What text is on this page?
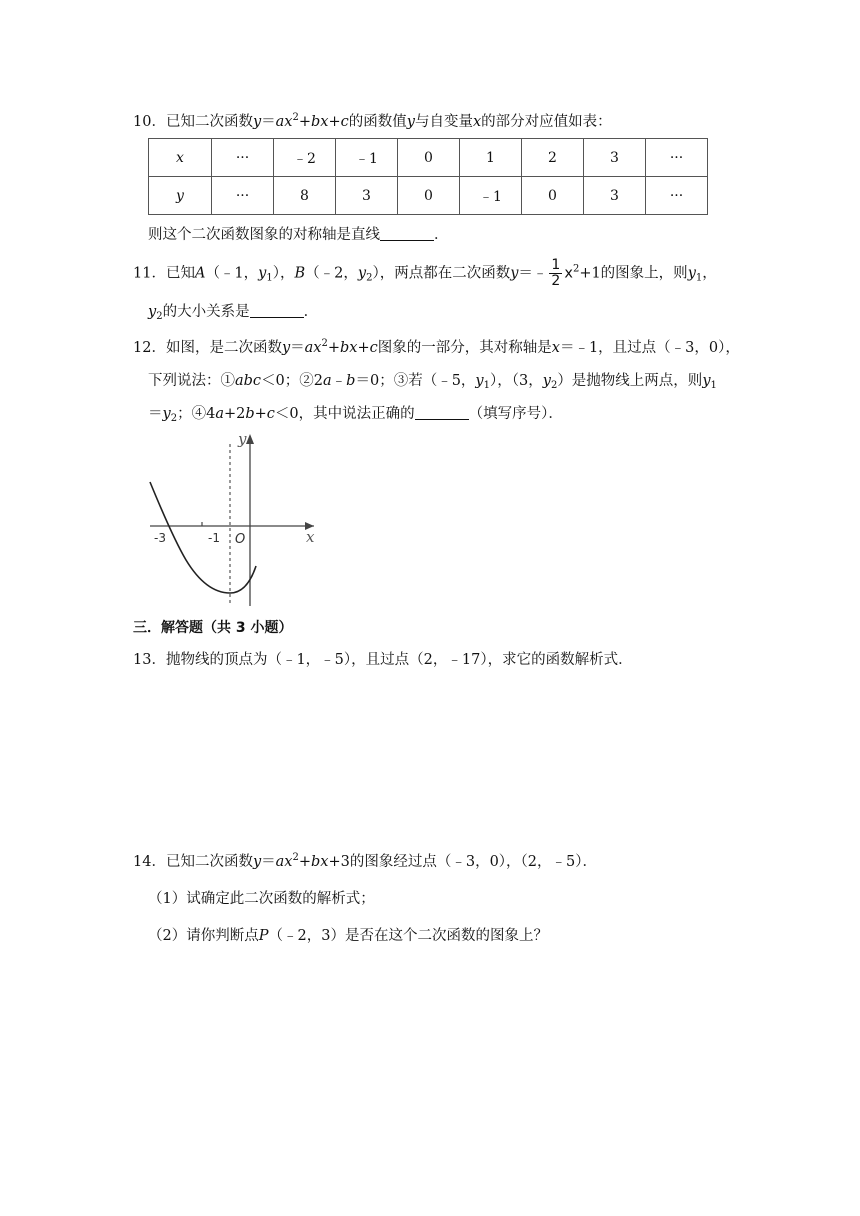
10．已知二次函数$y=ax^2+bx+c$的函数值y与自变量x的部分对应值如表：
x	···	﹣2	﹣1	0	1	2	3	···
y	···	8	3	0	﹣1	0	3	···
则这个二次函数图象的对称轴是直线	．
11．已知A（﹣1，$y_1$），B（﹣2，$y_2$），两点都在二次函数y＝﹣ $\frac{1}{2} x^2+1$的图象上，则$y_1$，
$y_2$的大小关系是	．
12．如图，是二次函数$y=ax^2+bx+c$图象的一部分，其对称轴是x＝﹣1，且过点（﹣3，0），
下列说法：①abc＜0；②2a﹣b＝0；③若（﹣5，$y_1$），（3，$y_2$）是抛物线上两点，则$y_1$
$=y_2$；④4a+2b+c＜0，其中说法正确的	（填写序号）．
y
x
O
-3	-1
三．解答题（共 3 小题）
13．抛物线的顶点为（﹣1，﹣5），且过点（2，﹣17），求它的函数解析式．
14．已知二次函数$y=ax^2+bx+3$的图象经过点（﹣3，0），（2，﹣5）．
（1）试确定此二次函数的解析式；
（2）请你判断点P（﹣2，3）是否在这个二次函数的图象上？
